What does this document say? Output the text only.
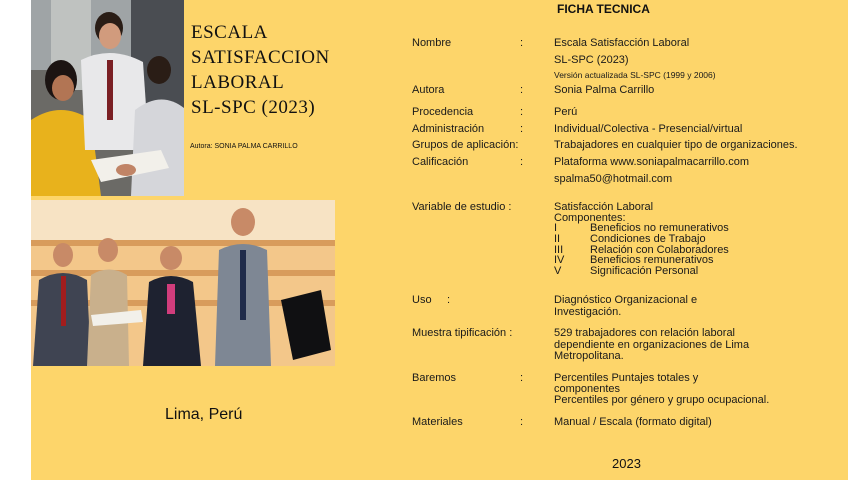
ESCALA
SATISFACCION
LABORAL
SL-SPC (2023)
Autora: SONIA PALMA CARRILLO
Lima, Perú
FICHA TECNICA
Nombre	:	Escala Satisfacción Laboral
SL-SPC (2023)
Versión actualizada SL-SPC (1999 y 2006)
Autora	:	Sonia Palma Carrillo
Procedencia	:	Perú
Administración	:	Individual/Colectiva - Presencial/virtual
Grupos de aplicación:	Trabajadores en cualquier tipo de organizaciones.
Calificación	:	Plataforma www.soniapalmacarrillo.com
spalma50@hotmail.com
Variable de estudio :	Satisfacción Laboral
Componentes:
I	Beneficios no remunerativos
II	Condiciones de Trabajo
III Relación con Colaboradores
IV Beneficios remunerativos
V	Significación Personal
Uso :	Diagnóstico Organizacional e
Investigación.
Muestra tipificación :	529 trabajadores con relación laboral
dependiente en organizaciones de Lima
Metropolitana.
Baremos	:	Percentiles Puntajes totales y
componentes
Percentiles por género y grupo ocupacional.
Materiales	:	Manual / Escala (formato digital)
2023
